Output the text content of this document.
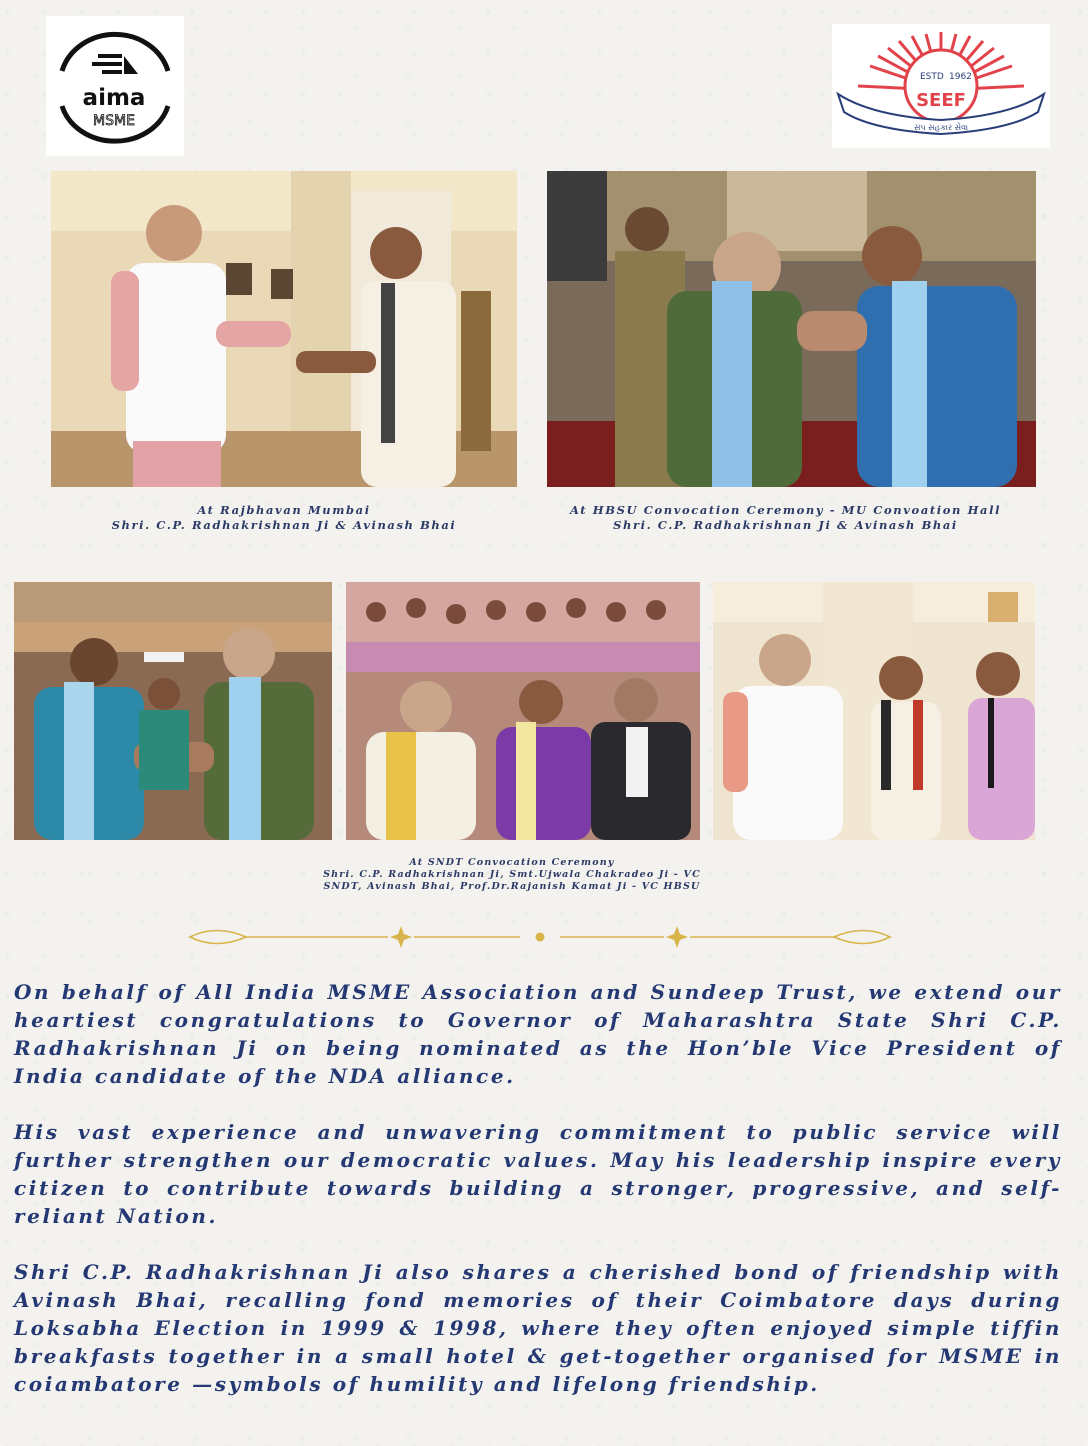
aima
MSME
ESTD 1962
SEEF
સંપ સહકાર સેવા
At Rajbhavan Mumbai
Shri. C.P. Radhakrishnan Ji & Avinash Bhai
At HBSU Convocation Ceremony - MU Convoation Hall
Shri. C.P. Radhakrishnan Ji & Avinash Bhai
At SNDT Convocation Ceremony
Shri. C.P. Radhakrishnan Ji, Smt.Ujwala Chakradeo Ji - VC
SNDT, Avinash Bhai, Prof.Dr.Rajanish Kamat Ji - VC HBSU

On behalf of All India MSME Association and Sundeep Trust, we extend our heartiest congratulations to Governor of Maharashtra State Shri C.P. Radhakrishnan Ji on being nominated as the Hon’ble Vice President of India candidate of the NDA alliance.

His vast experience and unwavering commitment to public service will further strengthen our democratic values. May his leadership inspire every citizen to contribute towards building a stronger, progressive, and self-reliant Nation.

Shri C.P. Radhakrishnan Ji also shares a cherished bond of friendship with Avinash Bhai, recalling fond memories of their Coimbatore days during Loksabha Election in 1999 & 1998, where they often enjoyed simple tiffin breakfasts together in a small hotel & get-together organised for MSME in coiambatore —symbols of humility and lifelong friendship.
